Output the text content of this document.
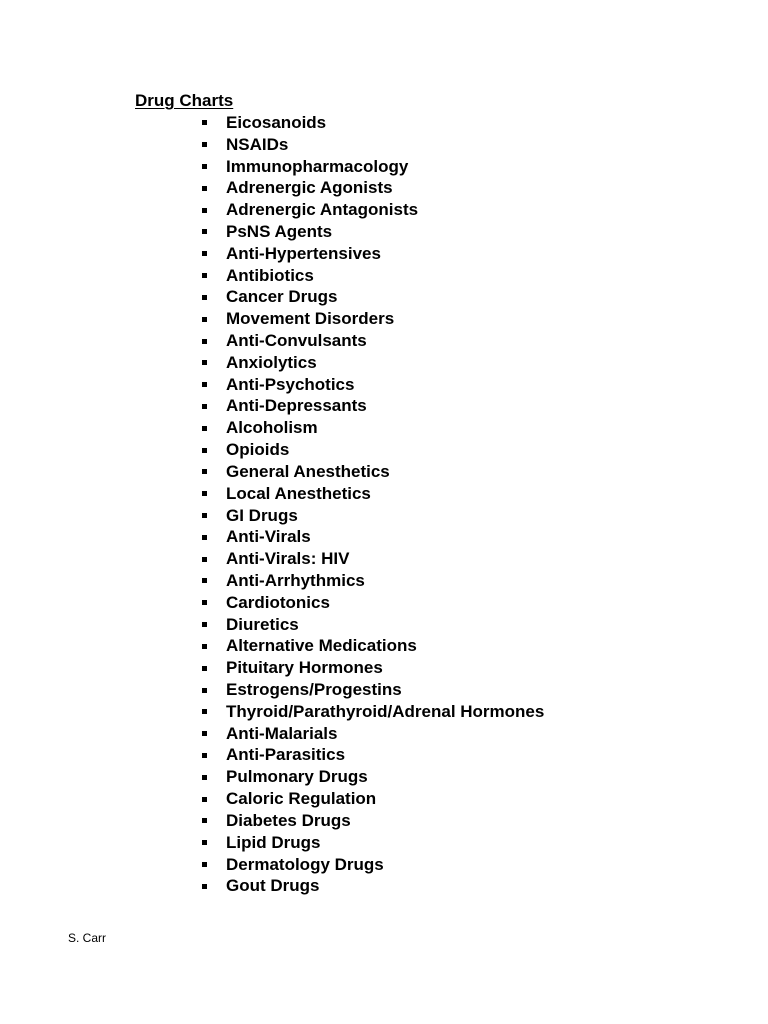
Drug Charts
Eicosanoids
NSAIDs
Immunopharmacology
Adrenergic Agonists
Adrenergic Antagonists
PsNS Agents
Anti-Hypertensives
Antibiotics
Cancer Drugs
Movement Disorders
Anti-Convulsants
Anxiolytics
Anti-Psychotics
Anti-Depressants
Alcoholism
Opioids
General Anesthetics
Local Anesthetics
GI Drugs
Anti-Virals
Anti-Virals: HIV
Anti-Arrhythmics
Cardiotonics
Diuretics
Alternative Medications
Pituitary Hormones
Estrogens/Progestins
Thyroid/Parathyroid/Adrenal Hormones
Anti-Malarials
Anti-Parasitics
Pulmonary Drugs
Caloric Regulation
Diabetes Drugs
Lipid Drugs
Dermatology Drugs
Gout Drugs

S. Carr
